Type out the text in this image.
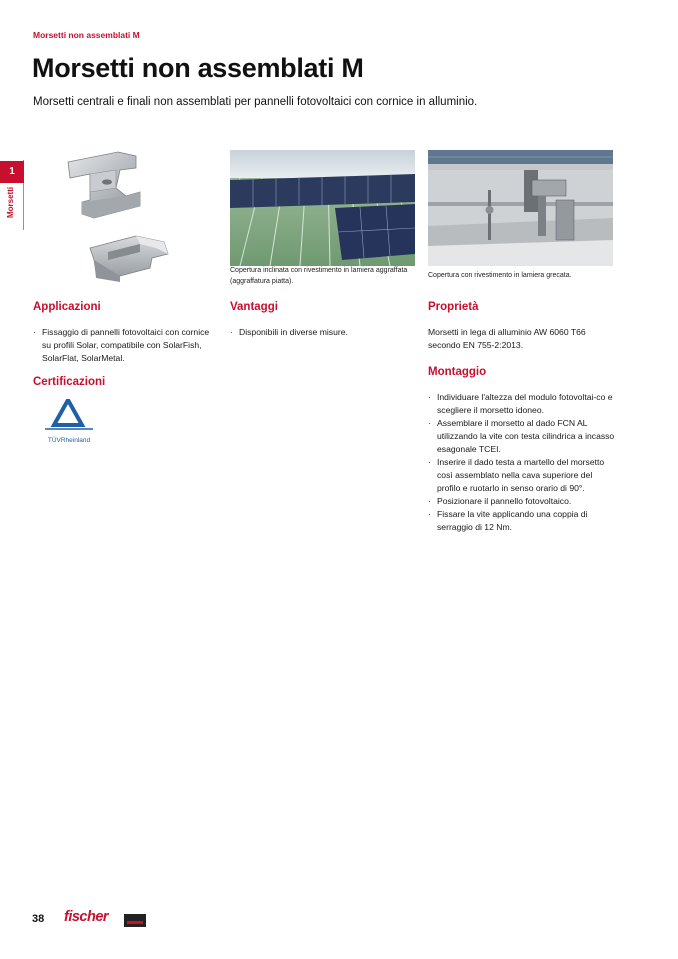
Morsetti non assemblati M
Morsetti non assemblati M
Morsetti centrali e finali non assemblati per pannelli fotovoltaici con cornice in alluminio.
1
Morsetti
Copertura inclinata con rivestimento in lamiera aggraffata (aggraffatura piatta).
Copertura con rivestimento in lamiera grecata.
Applicazioni
· Fissaggio di pannelli fotovoltaici con cornice su profili Solar, compatibile con SolarFish, SolarFlat, SolarMetal.
Certificazioni
TÜVRheinland
Vantaggi
· Disponibili in diverse misure.
Proprietà
Morsetti in lega di alluminio AW 6060 T66 secondo EN 755-2:2013.
Montaggio
· Individuare l'altezza del modulo fotovoltai-co e scegliere il morsetto idoneo.
· Assemblare il morsetto al dado FCN AL utilizzando la vite con testa cilindrica a incasso esagonale TCEI.
· Inserire il dado testa a martello del morsetto così assemblato nella cava superiore del profilo e ruotarlo in senso orario di 90°.
· Posizionare il pannello fotovoltaico.
· Fissare la vite applicando una coppia di serraggio di 12 Nm.
38 fischer
